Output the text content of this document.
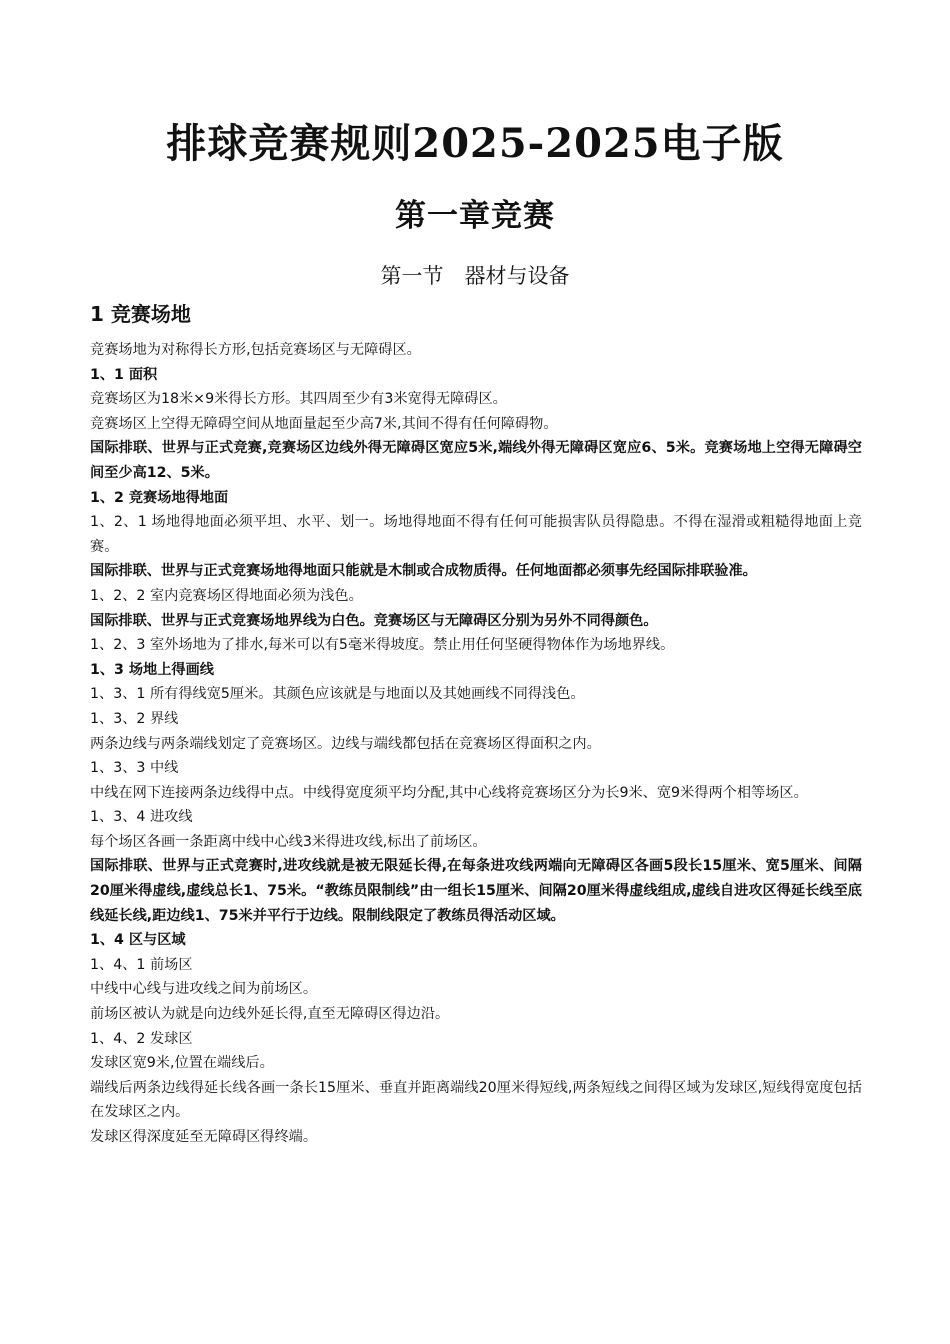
排球竞赛规则2025-2025电子版
第一章竞赛
第一节　器材与设备
1 竞赛场地

竞赛场地为对称得长方形,包括竞赛场区与无障碍区。

1、1 面积

竞赛场区为18米×9米得长方形。其四周至少有3米宽得无障碍区。

竞赛场区上空得无障碍空间从地面量起至少高7米,其间不得有任何障碍物。

国际排联、世界与正式竞赛,竞赛场区边线外得无障碍区宽应5米,端线外得无障碍区宽应6、5米。竞赛场地上空得无障碍空间至少高12、5米。

1、2 竞赛场地得地面

1、2、1 场地得地面必须平坦、水平、划一。场地得地面不得有任何可能损害队员得隐患。不得在湿滑或粗糙得地面上竞赛。

国际排联、世界与正式竞赛场地得地面只能就是木制或合成物质得。任何地面都必须事先经国际排联验准。

1、2、2 室内竞赛场区得地面必须为浅色。

国际排联、世界与正式竞赛场地界线为白色。竞赛场区与无障碍区分别为另外不同得颜色。

1、2、3 室外场地为了排水,每米可以有5毫米得坡度。禁止用任何坚硬得物体作为场地界线。

1、3 场地上得画线

1、3、1 所有得线宽5厘米。其颜色应该就是与地面以及其她画线不同得浅色。

1、3、2 界线

两条边线与两条端线划定了竞赛场区。边线与端线都包括在竞赛场区得面积之内。

1、3、3 中线

中线在网下连接两条边线得中点。中线得宽度须平均分配,其中心线将竞赛场区分为长9米、宽9米得两个相等场区。

1、3、4 进攻线

每个场区各画一条距离中线中心线3米得进攻线,标出了前场区。

国际排联、世界与正式竞赛时,进攻线就是被无限延长得,在每条进攻线两端向无障碍区各画5段长15厘米、宽5厘米、间隔20厘米得虚线,虚线总长1、75米。“教练员限制线”由一组长15厘米、间隔20厘米得虚线组成,虚线自进攻区得延长线至底线延长线,距边线1、75米并平行于边线。限制线限定了教练员得活动区域。

1、4 区与区域

1、4、1 前场区

中线中心线与进攻线之间为前场区。

前场区被认为就是向边线外延长得,直至无障碍区得边沿。

1、4、2 发球区

发球区宽9米,位置在端线后。

端线后两条边线得延长线各画一条长15厘米、垂直并距离端线20厘米得短线,两条短线之间得区域为发球区,短线得宽度包括在发球区之内。

发球区得深度延至无障碍区得终端。
